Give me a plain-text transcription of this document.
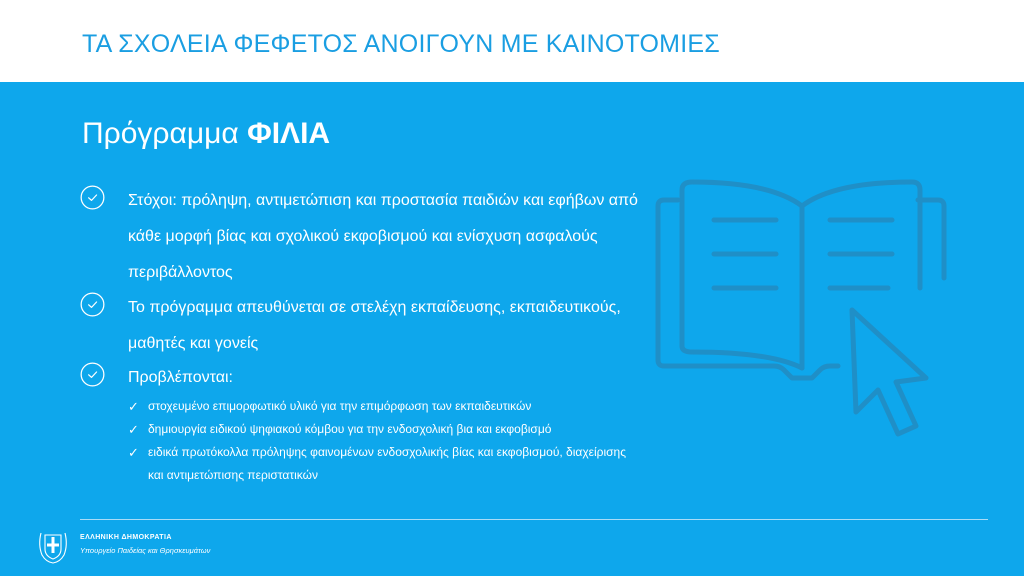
ΤΑ ΣΧΟΛΕΙΑ ΦΕΦΕΤΟΣ ΑΝΟΙΓΟΥΝ ΜΕ ΚΑΙΝΟΤΟΜΙΕΣ
Πρόγραμμα ΦΙΛΙΑ
Στόχοι: πρόληψη, αντιμετώπιση και προστασία παιδιών και εφήβων από κάθε μορφή βίας και σχολικού εκφοβισμού και ενίσχυση ασφαλούς περιβάλλοντος
Το πρόγραμμα απευθύνεται σε στελέχη εκπαίδευσης, εκπαιδευτικούς, μαθητές και γονείς
Προβλέπονται:
✓ στοχευμένο επιμορφωτικό υλικό για την επιμόρφωση των εκπαιδευτικών
✓ δημιουργία ειδικού ψηφιακού κόμβου για την ενδοσχολική βια και εκφοβισμό
✓ ειδικά πρωτόκολλα πρόληψης φαινομένων ενδοσχολικής βίας και εκφοβισμού, διαχείρισης και αντιμετώπισης περιστατικών
ΕΛΛΗΝΙΚΗ ΔΗΜΟΚΡΑΤΙΑ
Υπουργείο Παιδείας και Θρησκευμάτων
